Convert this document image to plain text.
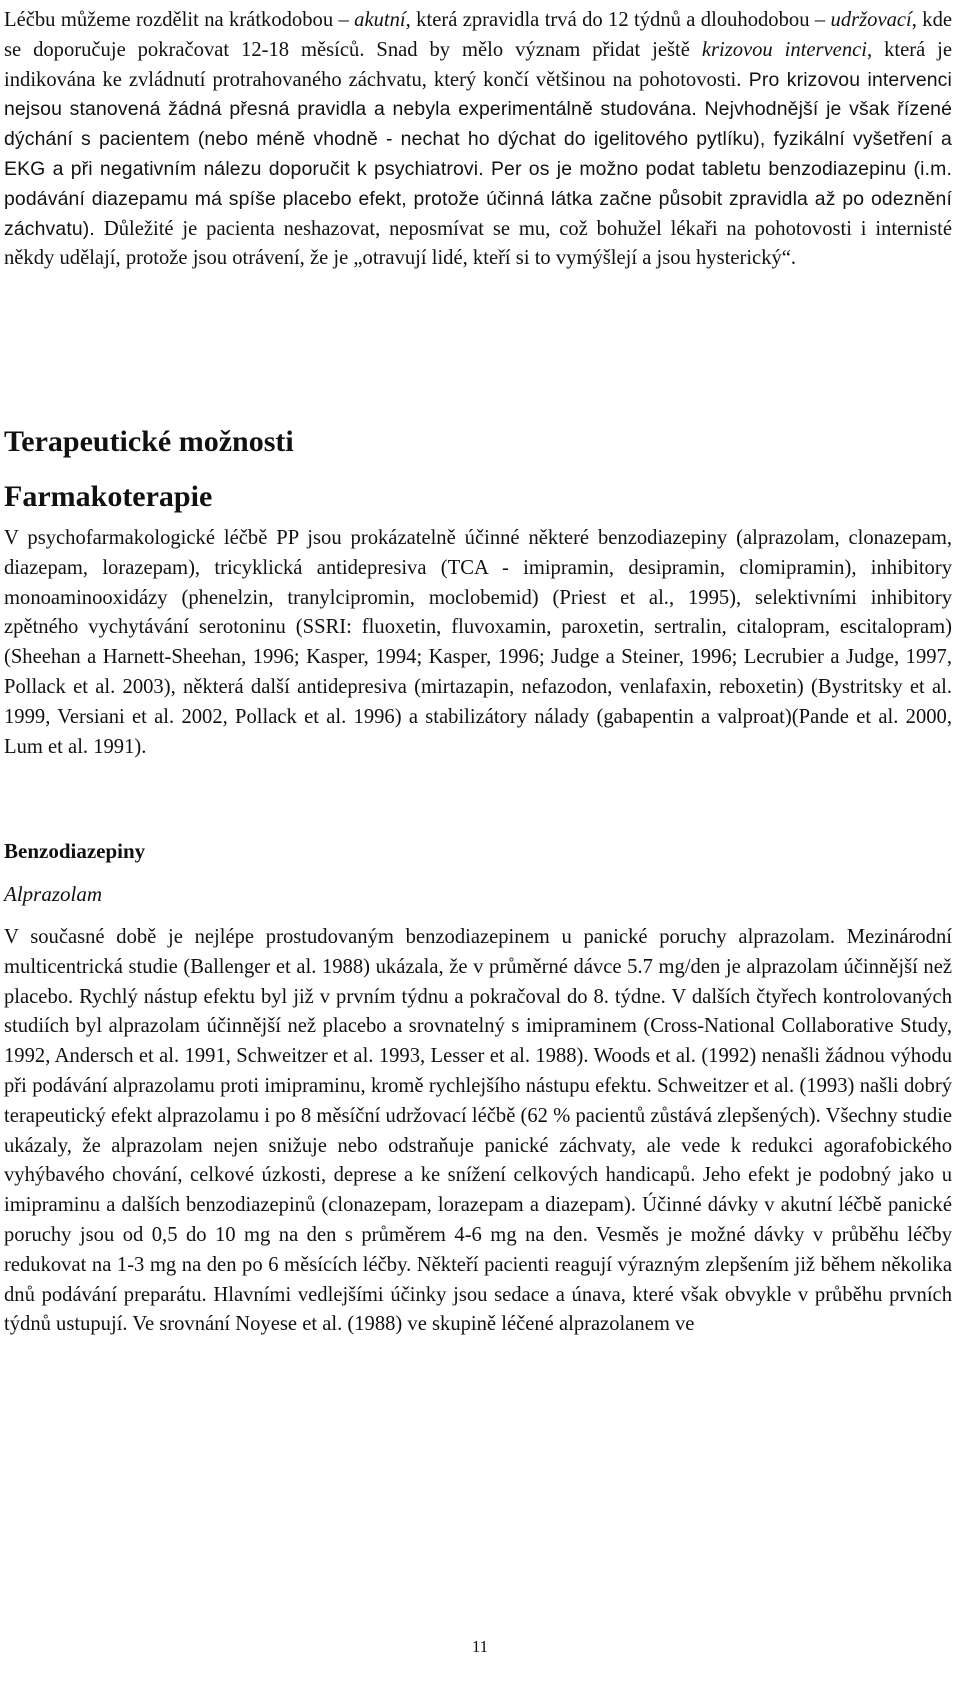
Léčbu můžeme rozdělit na krátkodobou – akutní, která zpravidla trvá do 12 týdnů a dlouhodobou – udržovací, kde se doporučuje pokračovat 12-18 měsíců. Snad by mělo význam přidat ještě krizovou intervenci, která je indikována ke zvládnutí protrahovaného záchvatu, který končí většinou na pohotovosti. Pro krizovou intervenci nejsou stanovená žádná přesná pravidla a nebyla experimentálně studována. Nejvhodnější je však řízené dýchání s pacientem (nebo méně vhodně - nechat ho dýchat do igelitového pytlíku), fyzikální vyšetření a EKG a při negativním nálezu doporučit k psychiatrovi. Per os je možno podat tabletu benzodiazepinu (i.m. podávání diazepamu má spíše placebo efekt, protože účinná látka začne působit zpravidla až po odeznění záchvatu). Důležité je pacienta neshazovat, neposmívat se mu, což bohužel lékaři na pohotovosti i internisté někdy udělají, protože jsou otrávení, že je „otravují lidé, kteří si to vymýšlejí a jsou hysterický“.

Terapeutické možnosti
Farmakoterapie

V psychofarmakologické léčbě PP jsou prokázatelně účinné některé benzodiazepiny (alprazolam, clonazepam, diazepam, lorazepam), tricyklická antidepresiva (TCA - imipramin, desipramin, clomipramin), inhibitory monoaminooxidázy (phenelzin, tranylcipromin, moclobemid) (Priest et al., 1995), selektivními inhibitory zpětného vychytávání serotoninu (SSRI: fluoxetin, fluvoxamin, paroxetin, sertralin, citalopram, escitalopram) (Sheehan a Harnett-Sheehan, 1996; Kasper, 1994; Kasper, 1996; Judge a Steiner, 1996; Lecrubier a Judge, 1997, Pollack et al. 2003), některá další antidepresiva (mirtazapin, nefazodon, venlafaxin, reboxetin) (Bystritsky et al. 1999, Versiani et al. 2002, Pollack et al. 1996) a stabilizátory nálady (gabapentin a valproat)(Pande et al. 2000, Lum et al. 1991).

Benzodiazepiny
Alprazolam

V současné době je nejlépe prostudovaným benzodiazepinem u panické poruchy alprazolam. Mezinárodní multicentrická studie (Ballenger et al. 1988) ukázala, že v průměrné dávce 5.7 mg/den je alprazolam účinnější než placebo. Rychlý nástup efektu byl již v prvním týdnu a pokračoval do 8. týdne. V dalších čtyřech kontrolovaných studiích byl alprazolam účinnější než placebo a srovnatelný s imipraminem (Cross-National Collaborative Study, 1992, Andersch et al. 1991, Schweitzer et al. 1993, Lesser et al. 1988). Woods et al. (1992) nenašli žádnou výhodu při podávání alprazolamu proti imipraminu, kromě rychlejšího nástupu efektu. Schweitzer et al. (1993) našli dobrý terapeutický efekt alprazolamu i po 8 měsíční udržovací léčbě (62 % pacientů zůstává zlepšených). Všechny studie ukázaly, že alprazolam nejen snižuje nebo odstraňuje panické záchvaty, ale vede k redukci agorafobického vyhýbavého chování, celkové úzkosti, deprese a ke snížení celkových handicapů. Jeho efekt je podobný jako u imipraminu a dalších benzodiazepinů (clonazepam, lorazepam a diazepam). Účinné dávky v akutní léčbě panické poruchy jsou od 0,5 do 10 mg na den s průměrem 4-6 mg na den. Vesměs je možné dávky v průběhu léčby redukovat na 1-3 mg na den po 6 měsících léčby. Někteří pacienti reagují výrazným zlepšením již během několika dnů podávání preparátu. Hlavními vedlejšími účinky jsou sedace a únava, které však obvykle v průběhu prvních týdnů ustupují. Ve srovnání Noyese et al. (1988) ve skupině léčené alprazolanem ve

11
